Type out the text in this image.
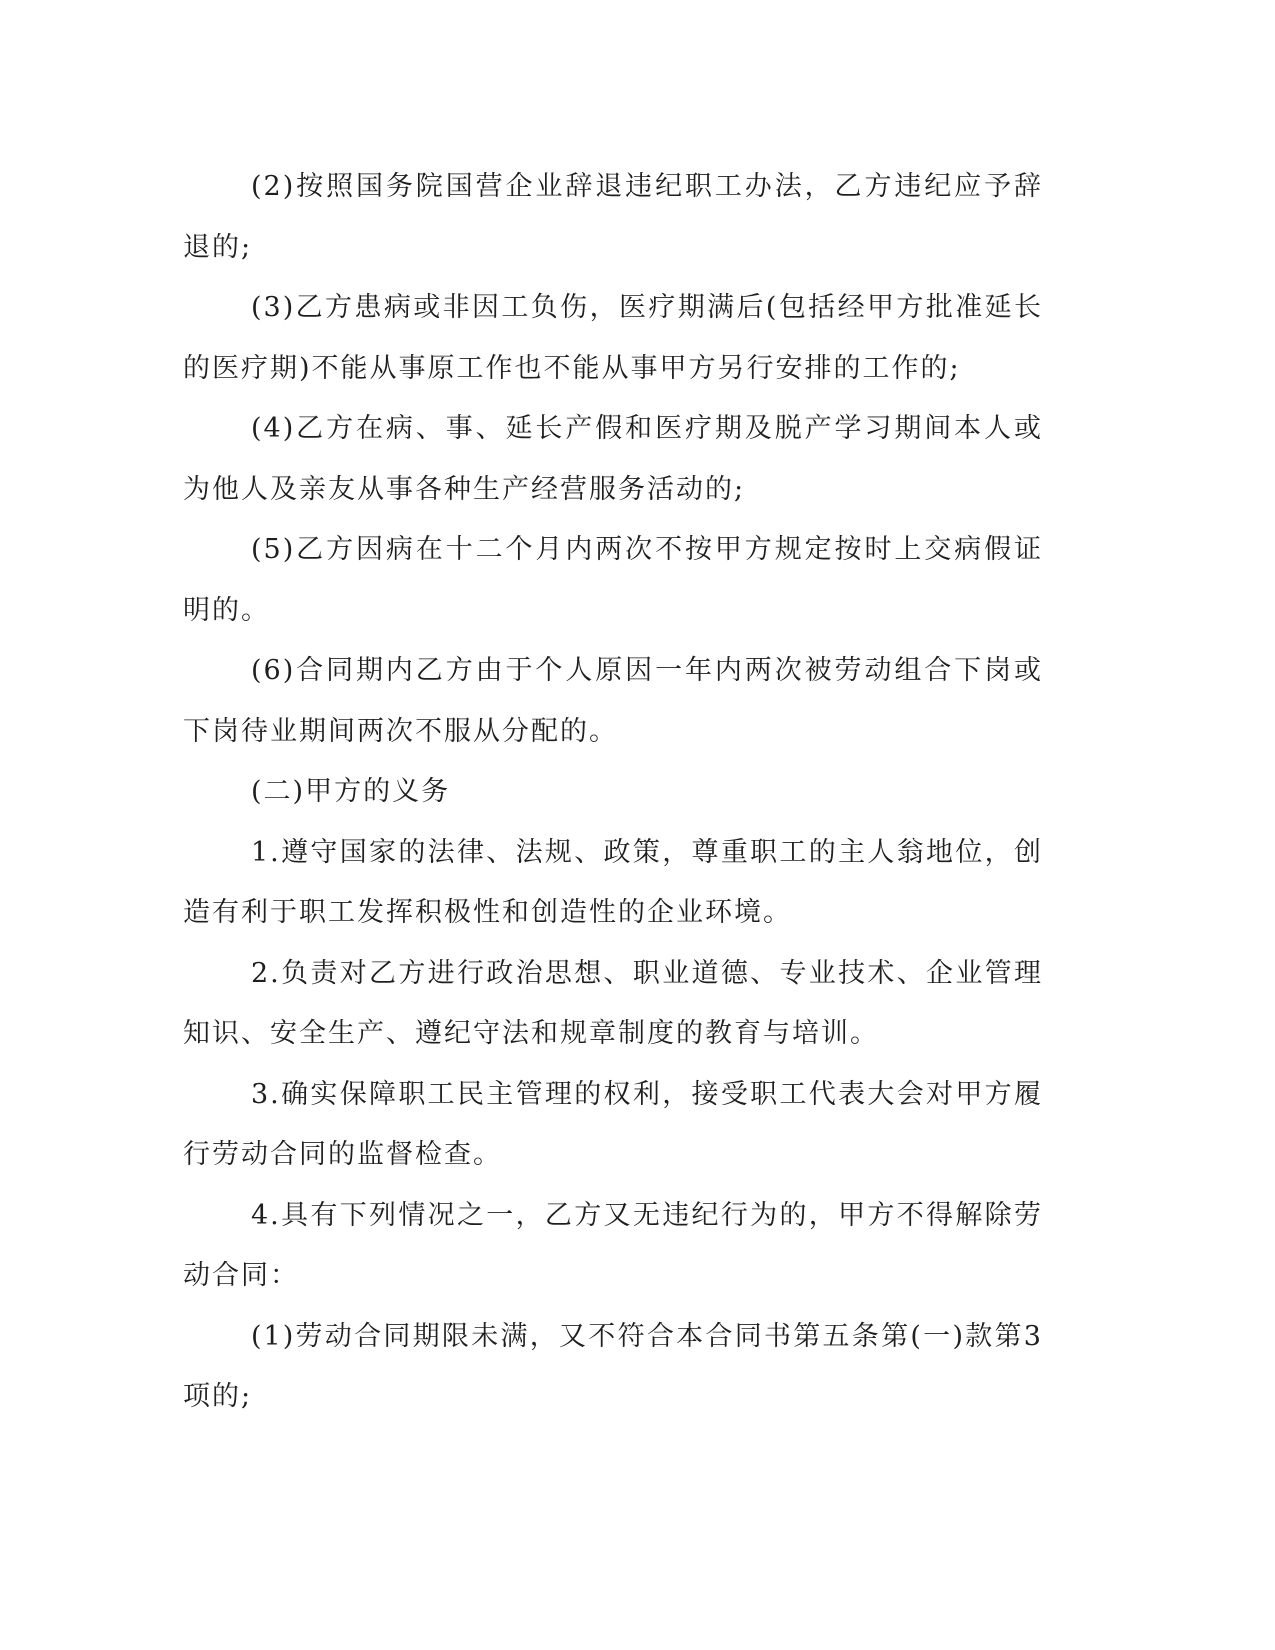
(2)按照国务院国营企业辞退违纪职工办法，乙方违纪应予辞退的;

(3)乙方患病或非因工负伤，医疗期满后(包括经甲方批准延长的医疗期)不能从事原工作也不能从事甲方另行安排的工作的;

(4)乙方在病、事、延长产假和医疗期及脱产学习期间本人或为他人及亲友从事各种生产经营服务活动的;

(5)乙方因病在十二个月内两次不按甲方规定按时上交病假证明的。

(6)合同期内乙方由于个人原因一年内两次被劳动组合下岗或下岗待业期间两次不服从分配的。

(二)甲方的义务

1.遵守国家的法律、法规、政策，尊重职工的主人翁地位，创造有利于职工发挥积极性和创造性的企业环境。

2.负责对乙方进行政治思想、职业道德、专业技术、企业管理知识、安全生产、遵纪守法和规章制度的教育与培训。

3.确实保障职工民主管理的权利，接受职工代表大会对甲方履行劳动合同的监督检查。

4.具有下列情况之一，乙方又无违纪行为的，甲方不得解除劳动合同：

(1)劳动合同期限未满，又不符合本合同书第五条第(一)款第3项的;
